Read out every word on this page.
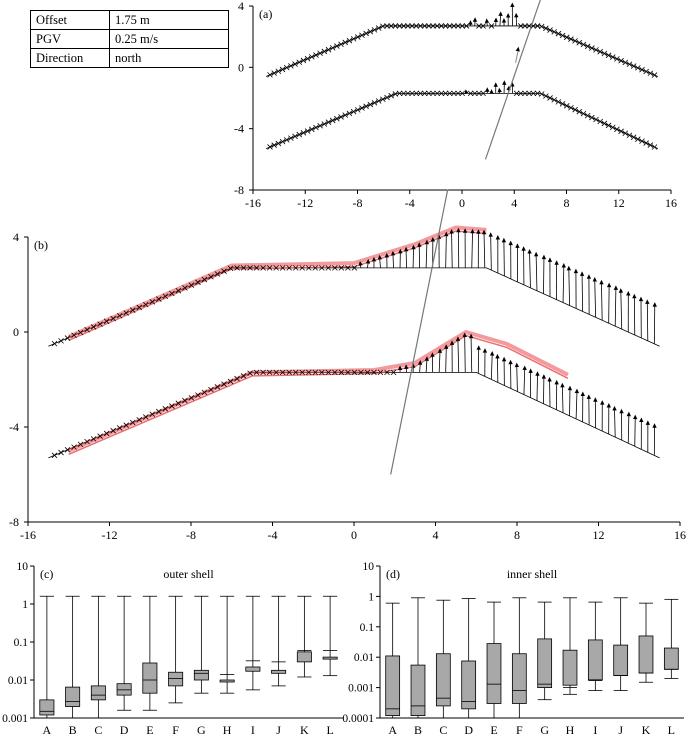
Offset	1.75 m
PGV	0.25 m/s
Direction	north
-16	-12	-8	-4	0	4	8	12	16
-8
-4
0
4
(a)
-16	-12	-8	-4	0	4	8	12	16
-8
-4
0
4
(b)
0.001
0.01
0.1
1
10 (c)	outer shell
A B C D E F G H I J K L
0.0001
0.001
0.01
0.1
1
10 (d)	inner shell
A B C D E F G H I J K L
